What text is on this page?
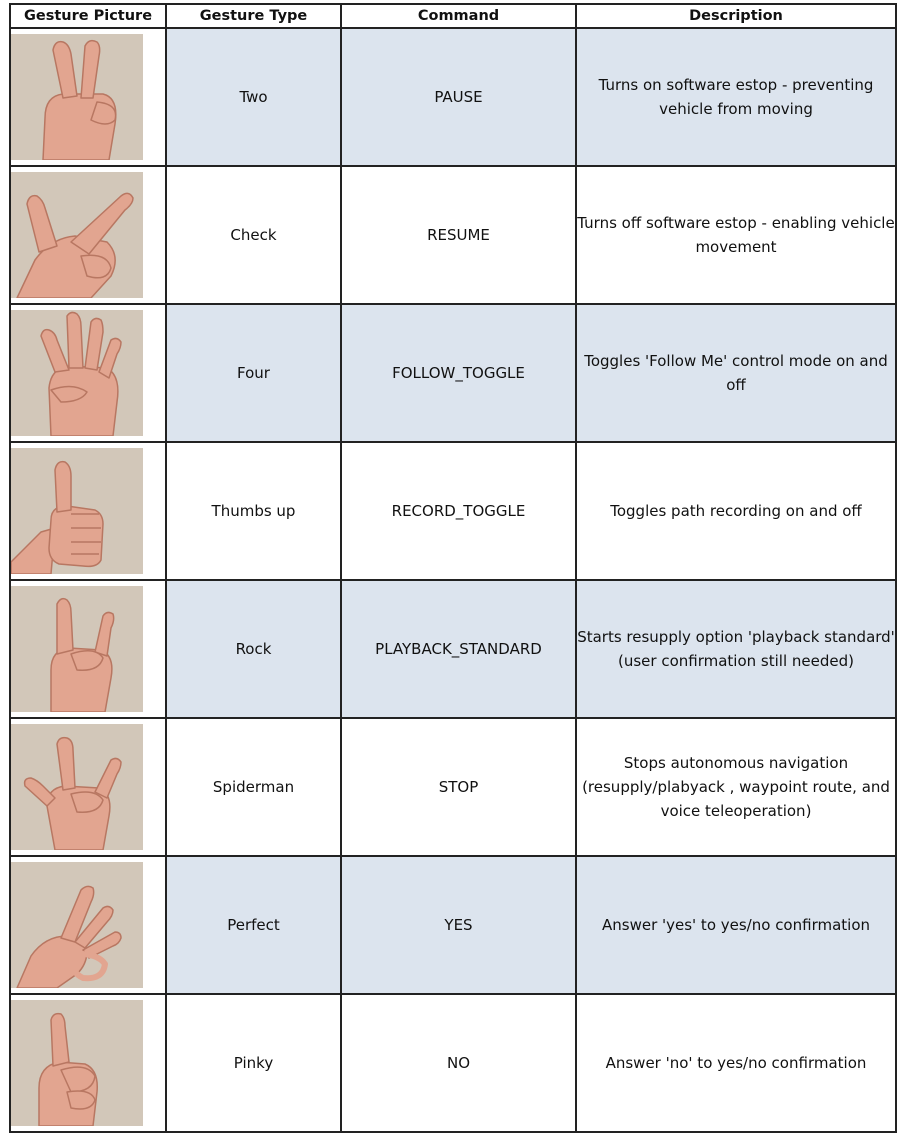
Gesture Picture	Gesture Type	Command	Description

	Two	PAUSE	Turns on software estop - preventing vehicle from moving

	Check	RESUME	Turns off software estop - enabling vehicle movement

	Four	FOLLOW_TOGGLE	Toggles 'Follow Me' control mode on and off

	Thumbs up	RECORD_TOGGLE	Toggles path recording on and off

	Rock	PLAYBACK_STANDARD	Starts resupply option 'playback standard' (user confirmation still needed)

	Spiderman	STOP	Stops autonomous navigation (resupply/plabyack , waypoint route, and voice teleoperation)

	Perfect	YES	Answer 'yes' to yes/no confirmation

	Pinky	NO	Answer 'no' to yes/no confirmation
